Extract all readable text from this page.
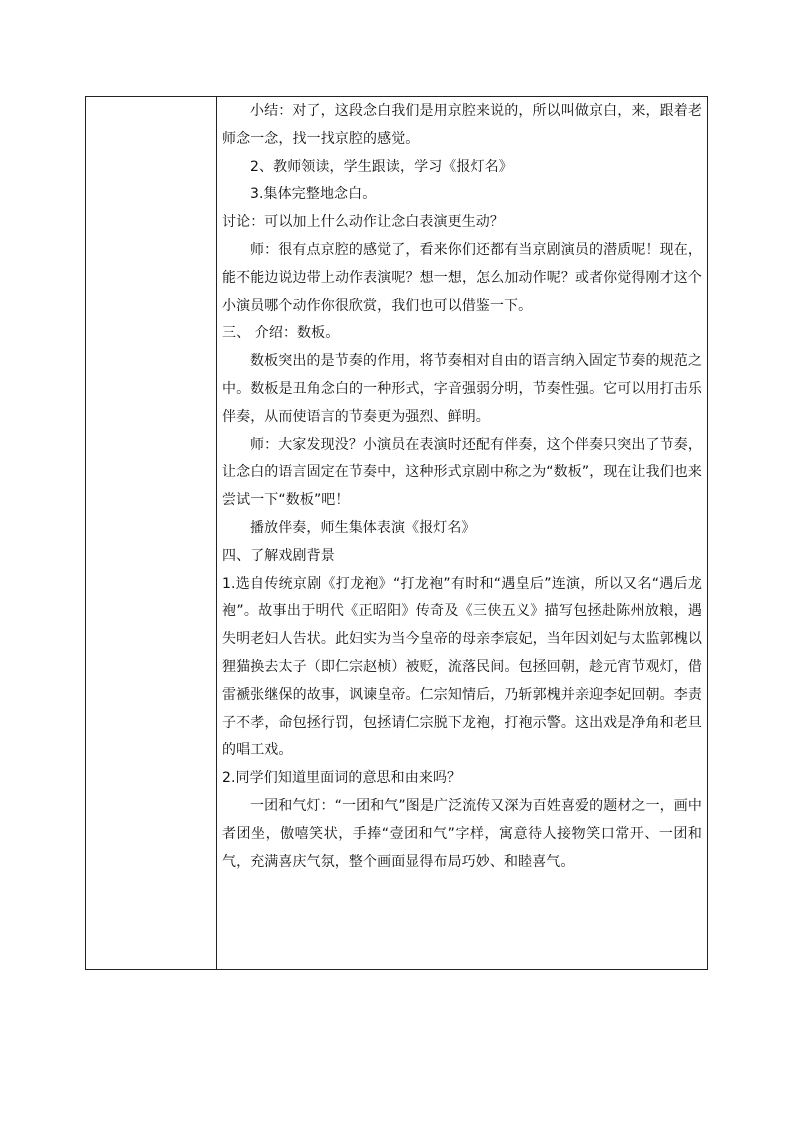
小结：对了，这段念白我们是用京腔来说的，所以叫做京白，来，跟着老师念一念，找一找京腔的感觉。

2、教师领读，学生跟读，学习《报灯名》

3.集体完整地念白。

讨论：可以加上什么动作让念白表演更生动？

师：很有点京腔的感觉了，看来你们还都有当京剧演员的潜质呢！现在，能不能边说边带上动作表演呢？想一想，怎么加动作呢？或者你觉得刚才这个小演员哪个动作你很欣赏，我们也可以借鉴一下。

三、 介绍：数板。

数板突出的是节奏的作用，将节奏相对自由的语言纳入固定节奏的规范之中。数板是丑角念白的一种形式，字音强弱分明，节奏性强。它可以用打击乐伴奏，从而使语言的节奏更为强烈、鲜明。

师：大家发现没？小演员在表演时还配有伴奏，这个伴奏只突出了节奏，让念白的语言固定在节奏中，这种形式京剧中称之为“数板”，现在让我们也来尝试一下“数板”吧！

播放伴奏，师生集体表演《报灯名》

四、了解戏剧背景

1.选自传统京剧《打龙袍》“打龙袍”有时和“遇皇后”连演，所以又名“遇后龙袍”。故事出于明代《正昭阳》传奇及《三侠五义》描写包拯赴陈州放粮，遇失明老妇人告状。此妇实为当今皇帝的母亲李宸妃，当年因刘妃与太监郭槐以狸猫换去太子（即仁宗赵桢）被贬，流落民间。包拯回朝，趁元宵节观灯，借雷褫张继保的故事，讽谏皇帝。仁宗知情后，乃斩郭槐并亲迎李妃回朝。李责子不孝，命包拯行罚，包拯请仁宗脱下龙袍，打袍示警。这出戏是净角和老旦的唱工戏。

2.同学们知道里面词的意思和由来吗？

一团和气灯：“一团和气”图是广泛流传又深为百姓喜爱的题材之一，画中者团坐，傲嘻笑状，手捧“壹团和气”字样，寓意待人接物笑口常开、一团和气，充满喜庆气氛，整个画面显得布局巧妙、和睦喜气。
